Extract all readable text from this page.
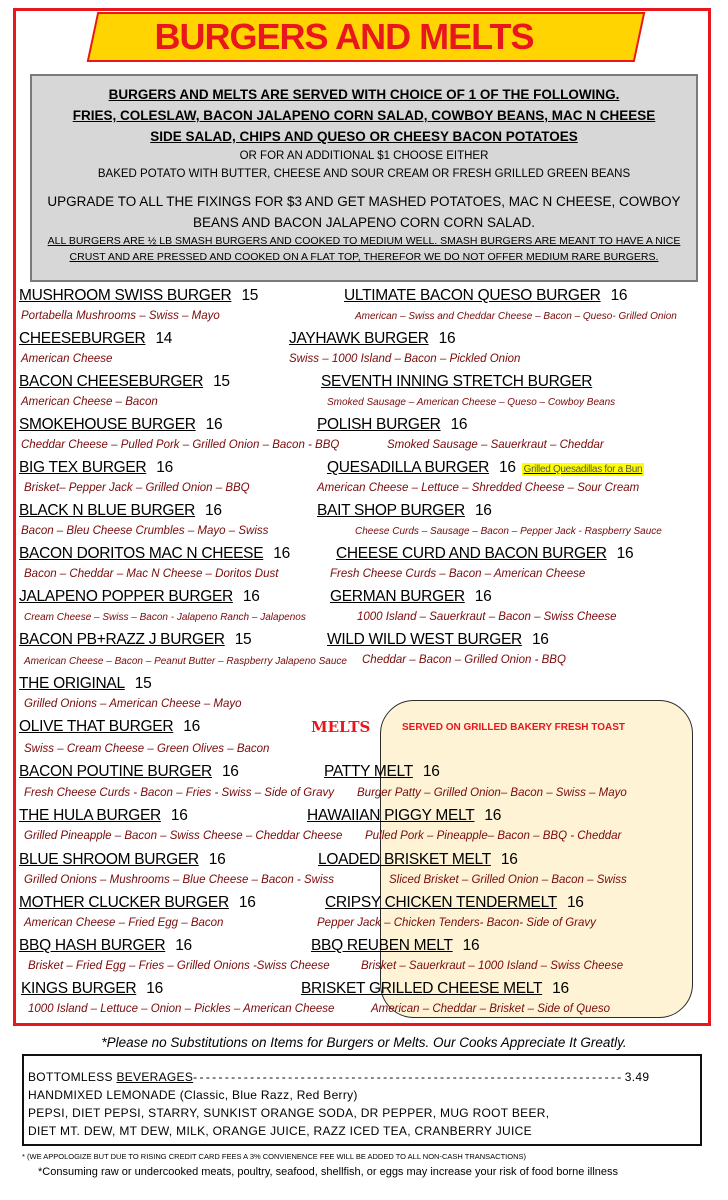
BURGERS AND MELTS
BURGERS AND MELTS ARE SERVED WITH CHOICE OF 1 OF THE FOLLOWING.
FRIES, COLESLAW, BACON JALAPENO CORN SALAD, COWBOY BEANS, MAC N CHEESE
SIDE SALAD, CHIPS AND QUESO OR CHEESY BACON POTATOES
OR FOR AN ADDITIONAL $1 CHOOSE EITHER
BAKED POTATO WITH BUTTER, CHEESE AND SOUR CREAM OR FRESH GRILLED GREEN BEANS
UPGRADE TO ALL THE FIXINGS FOR $3 AND GET MASHED POTATOES, MAC N CHEESE, COWBOY
BEANS AND BACON JALAPENO CORN CORN SALAD.
ALL BURGERS ARE ½ LB SMASH BURGERS AND COOKED TO MEDIUM WELL. SMASH BURGERS ARE MEANT TO HAVE A NICE
CRUST AND ARE PRESSED AND COOKED ON A FLAT TOP, THEREFOR WE DO NOT OFFER MEDIUM RARE BURGERS.
MUSHROOM SWISS BURGER 15
Portabella Mushrooms – Swiss – Mayo
CHEESEBURGER 14
American Cheese
BACON CHEESEBURGER 15
American Cheese – Bacon
SMOKEHOUSE BURGER 16
Cheddar Cheese – Pulled Pork – Grilled Onion – Bacon - BBQ
BIG TEX BURGER 16
Brisket– Pepper Jack – Grilled Onion – BBQ
BLACK N BLUE BURGER 16
Bacon – Bleu Cheese Crumbles – Mayo – Swiss
BACON DORITOS MAC N CHEESE 16
Bacon – Cheddar – Mac N Cheese – Doritos Dust
JALAPENO POPPER BURGER 16
Cream Cheese – Swiss – Bacon - Jalapeno Ranch – Jalapenos
BACON PB+RAZZ J BURGER 15
American Cheese – Bacon – Peanut Butter – Raspberry Jalapeno Sauce
THE ORIGINAL 15
Grilled Onions – American Cheese – Mayo
OLIVE THAT BURGER 16
Swiss – Cream Cheese – Green Olives – Bacon
BACON POUTINE BURGER 16
Fresh Cheese Curds - Bacon – Fries - Swiss – Side of Gravy
THE HULA BURGER 16
Grilled Pineapple – Bacon – Swiss Cheese – Cheddar Cheese
BLUE SHROOM BURGER 16
Grilled Onions – Mushrooms – Blue Cheese – Bacon - Swiss
MOTHER CLUCKER BURGER 16
American Cheese – Fried Egg – Bacon
BBQ HASH BURGER 16
Brisket – Fried Egg – Fries – Grilled Onions -Swiss Cheese
KINGS BURGER 16
1000 Island – Lettuce – Onion – Pickles – American Cheese
ULTIMATE BACON QUESO BURGER 16
American – Swiss and Cheddar Cheese – Bacon – Queso- Grilled Onion
JAYHAWK BURGER 16
Swiss – 1000 Island – Bacon – Pickled Onion
SEVENTH INNING STRETCH BURGER
Smoked Sausage – American Cheese – Queso – Cowboy Beans
POLISH BURGER 16
Smoked Sausage – Sauerkraut – Cheddar
QUESADILLA BURGER 16 Grilled Quesadillas for a Bun
American Cheese – Lettuce – Shredded Cheese – Sour Cream
BAIT SHOP BURGER 16
Cheese Curds – Sausage – Bacon – Pepper Jack - Raspberry Sauce
CHEESE CURD AND BACON BURGER 16
Fresh Cheese Curds – Bacon – American Cheese
GERMAN BURGER 16
1000 Island – Sauerkraut – Bacon – Swiss Cheese
WILD WILD WEST BURGER 16
Cheddar – Bacon – Grilled Onion - BBQ
MELTS	SERVED ON GRILLED BAKERY FRESH TOAST
PATTY MELT 16
Burger Patty – Grilled Onion– Bacon – Swiss – Mayo
HAWAIIAN PIGGY MELT 16
Pulled Pork – Pineapple– Bacon – BBQ - Cheddar
LOADED BRISKET MELT 16
Sliced Brisket – Grilled Onion – Bacon – Swiss
CRIPSY CHICKEN TENDERMELT 16
Pepper Jack – Chicken Tenders- Bacon- Side of Gravy
BBQ REUBEN MELT 16
Brisket – Sauerkraut – 1000 Island – Swiss Cheese
BRISKET GRILLED CHEESE MELT 16
American – Cheddar – Brisket – Side of Queso
*Please no Substitutions on Items for Burgers or Melts. Our Cooks Appreciate It Greatly.
BOTTOMLESS BEVERAGES- - - - - - - - - - - - - - - - - - - - - - - - - - - - - - - - - - - - - - - - - - - - - - - - - - - - - - - - - - - - - - - - - - - - 3.49
HANDMIXED LEMONADE (Classic, Blue Razz, Red Berry)
PEPSI, DIET PEPSI, STARRY, SUNKIST ORANGE SODA, DR PEPPER, MUG ROOT BEER,
DIET MT. DEW, MT DEW, MILK, ORANGE JUICE, RAZZ ICED TEA, CRANBERRY JUICE
* (WE APPOLOGIZE BUT DUE TO RISING CREDIT CARD FEES A 3% CONVIENENCE FEE WILL BE ADDED TO ALL NON-CASH TRANSACTIONS)
*Consuming raw or undercooked meats, poultry, seafood, shellfish, or eggs may increase your risk of food borne illness
